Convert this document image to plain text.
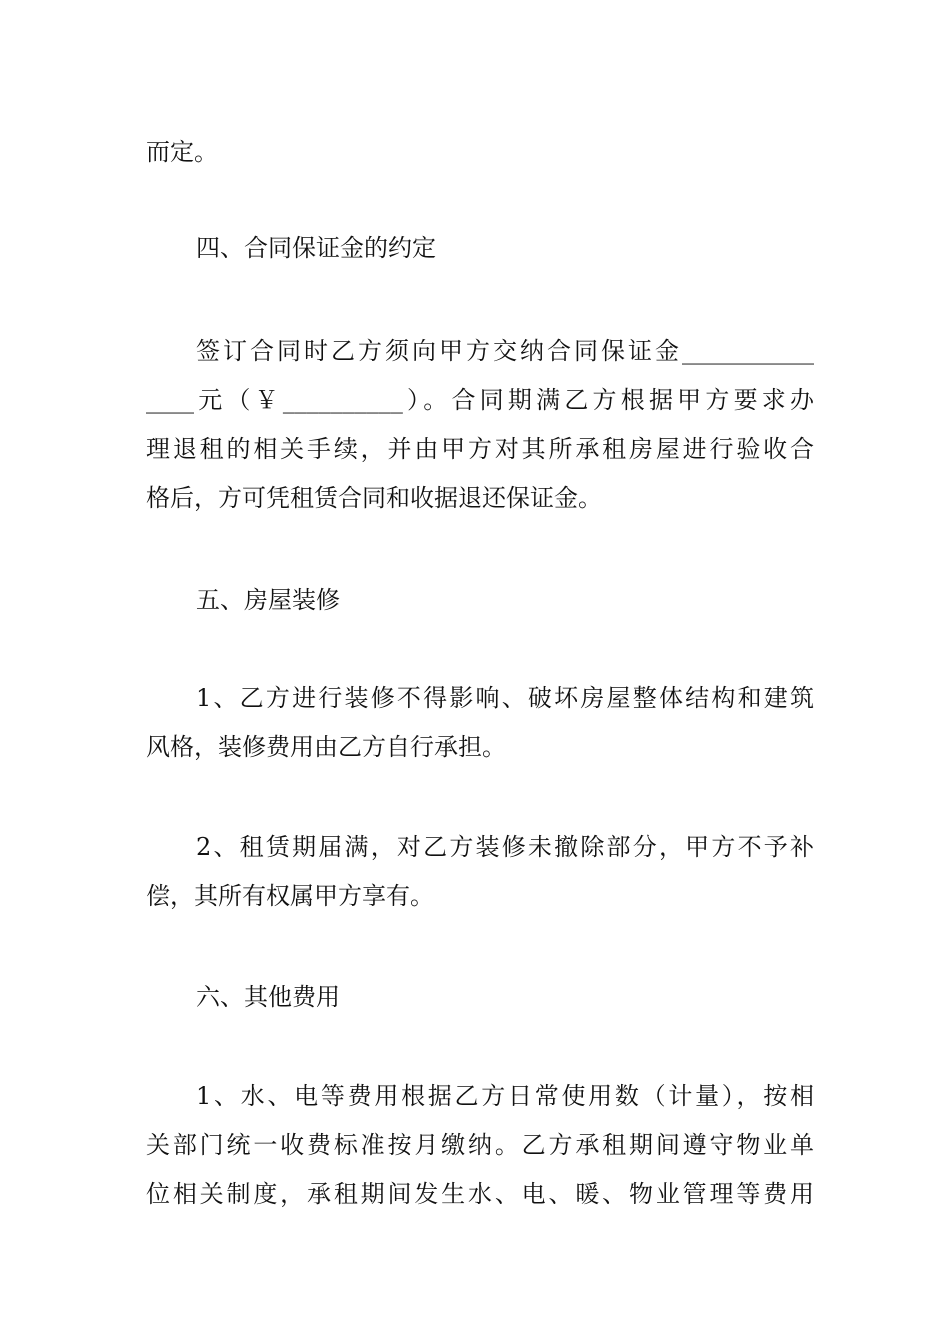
而定。
四、合同保证金的约定
签订合同时乙方须向甲方交纳合同保证金___________
____元（￥__________）。合同期满乙方根据甲方要求办
理退租的相关手续，并由甲方对其所承租房屋进行验收合
格后，方可凭租赁合同和收据退还保证金。
五、房屋装修
1、乙方进行装修不得影响、破坏房屋整体结构和建筑
风格，装修费用由乙方自行承担。
2、租赁期届满，对乙方装修未撤除部分，甲方不予补
偿，其所有权属甲方享有。
六、其他费用
1、水、电等费用根据乙方日常使用数（计量），按相
关部门统一收费标准按月缴纳。乙方承租期间遵守物业单
位相关制度，承租期间发生水、电、暖、物业管理等费用
